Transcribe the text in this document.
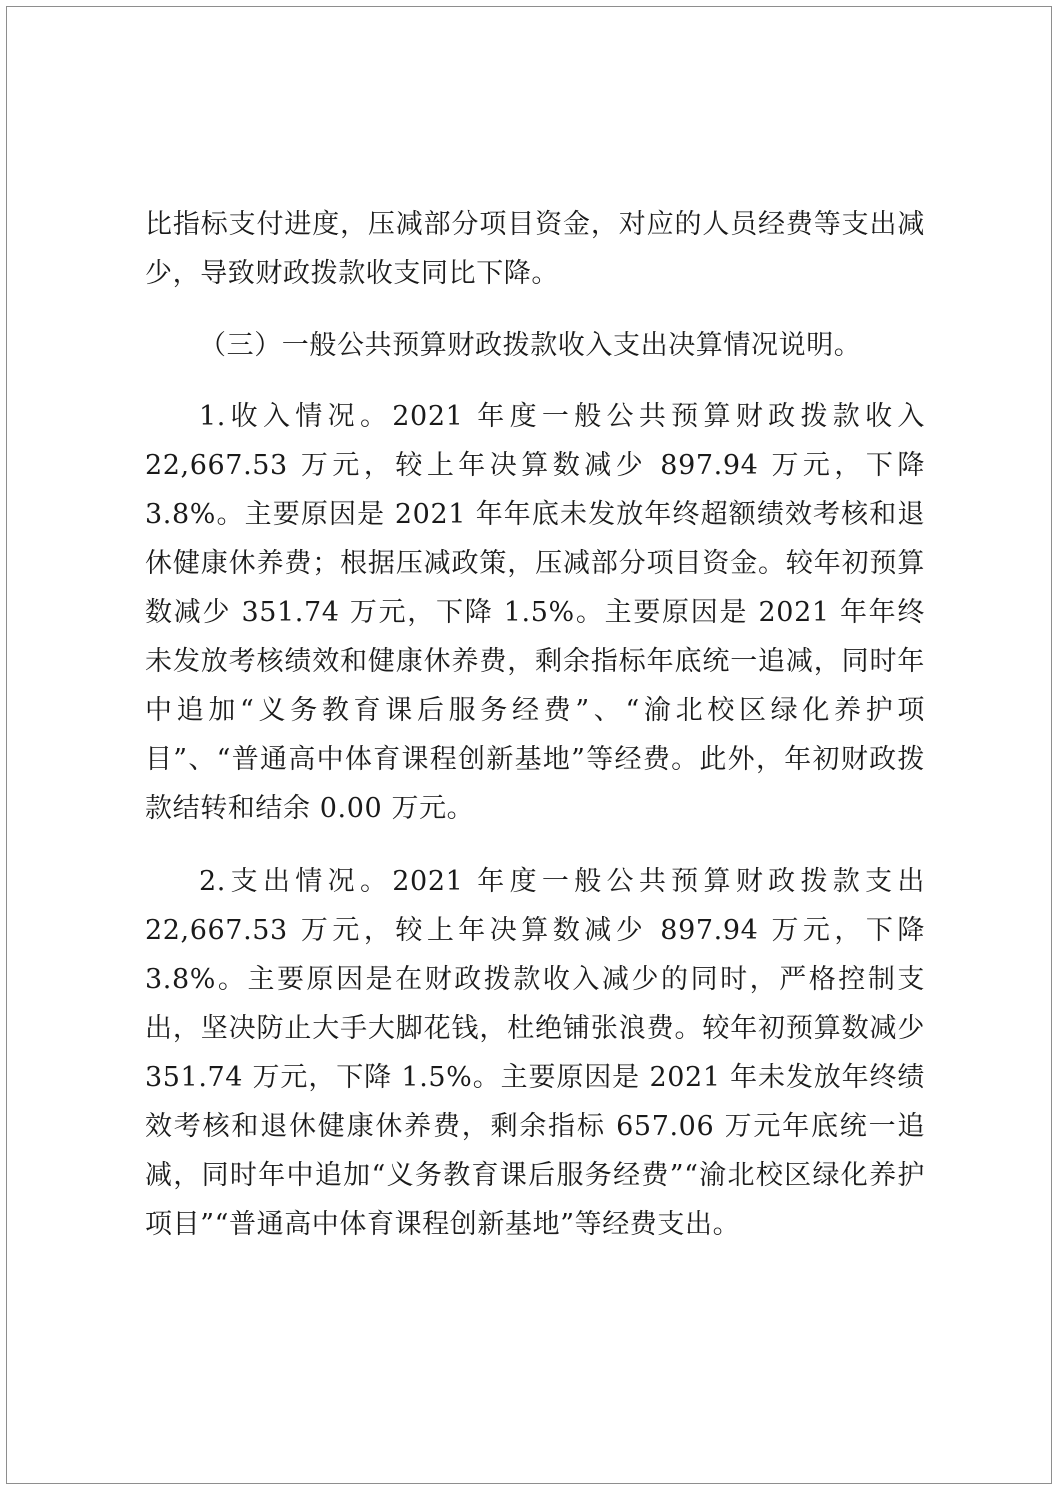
比指标支付进度，压减部分项目资金，对应的人员经费等支出减少，导致财政拨款收支同比下降。

（三）一般公共预算财政拨款收入支出决算情况说明。

1.收入情况。2021 年度一般公共预算财政拨款收入 22,667.53 万元，较上年决算数减少 897.94 万元，下降 3.8%。主要原因是 2021 年年底未发放年终超额绩效考核和退休健康休养费；根据压减政策，压减部分项目资金。较年初预算数减少 351.74 万元，下降 1.5%。主要原因是 2021 年年终未发放考核绩效和健康休养费，剩余指标年底统一追减，同时年中追加“义务教育课后服务经费”、“渝北校区绿化养护项目”、“普通高中体育课程创新基地”等经费。此外，年初财政拨款结转和结余 0.00 万元。

2.支出情况。2021 年度一般公共预算财政拨款支出 22,667.53 万元，较上年决算数减少 897.94 万元，下降 3.8%。主要原因是在财政拨款收入减少的同时，严格控制支出，坚决防止大手大脚花钱，杜绝铺张浪费。较年初预算数减少 351.74 万元，下降 1.5%。主要原因是 2021 年未发放年终绩效考核和退休健康休养费，剩余指标 657.06 万元年底统一追减，同时年中追加“义务教育课后服务经费”“渝北校区绿化养护项目”“普通高中体育课程创新基地”等经费支出。
